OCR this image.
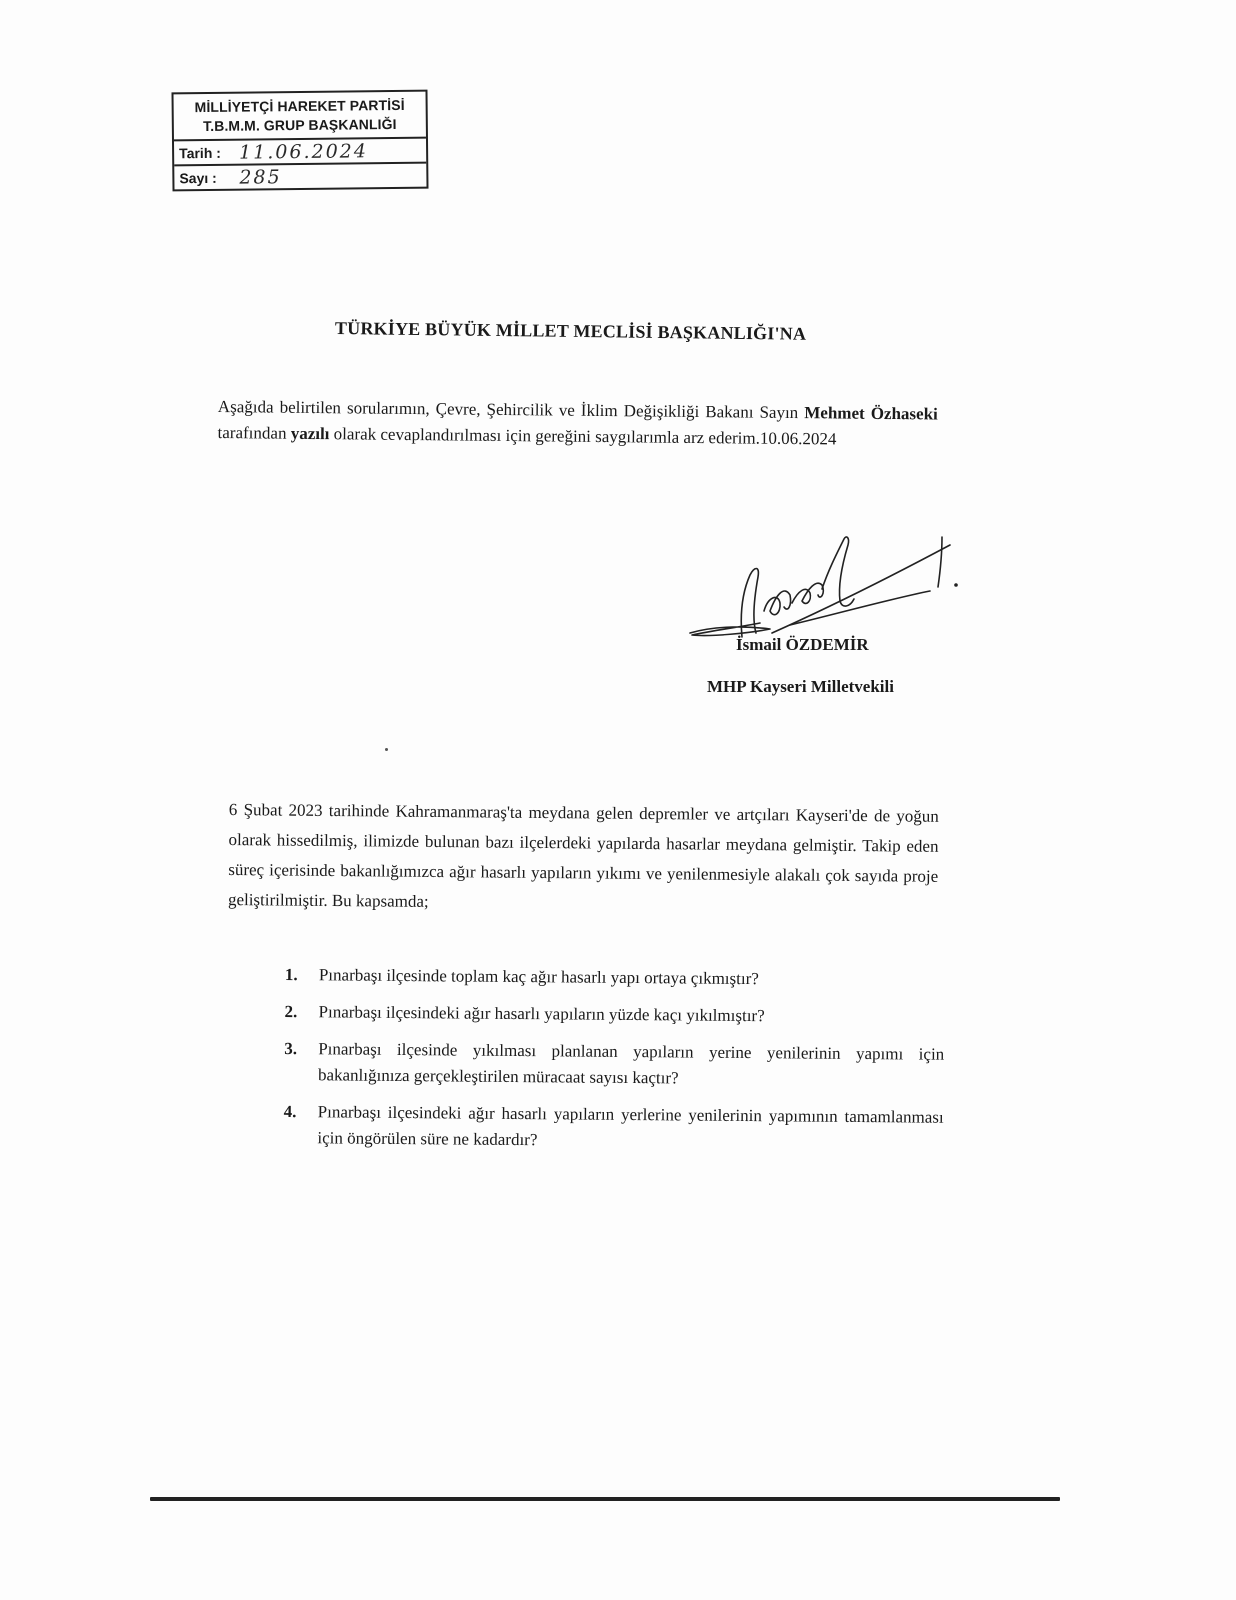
MİLLİYETÇİ HAREKET PARTİSİ
T.B.M.M. GRUP BAŞKANLIĞI
Tarih : 11.06.2024
Sayı :	285
TÜRKİYE BÜYÜK MİLLET MECLİSİ BAŞKANLIĞI'NA
Aşağıda belirtilen sorularımın, Çevre, Şehircilik ve İklim Değişikliği Bakanı Sayın Mehmet Özhaseki tarafından yazılı olarak cevaplandırılması için gereğini saygılarımla arz ederim.10.06.2024
İsmail ÖZDEMİR
MHP Kayseri Milletvekili
6 Şubat 2023 tarihinde Kahramanmaraş'ta meydana gelen depremler ve artçıları Kayseri'de de yoğun olarak hissedilmiş, ilimizde bulunan bazı ilçelerdeki yapılarda hasarlar meydana gelmiştir. Takip eden süreç içerisinde bakanlığımızca ağır hasarlı yapıların yıkımı ve yenilenmesiyle alakalı çok sayıda proje geliştirilmiştir. Bu kapsamda;
1.	Pınarbaşı ilçesinde toplam kaç ağır hasarlı yapı ortaya çıkmıştır?
2.	Pınarbaşı ilçesindeki ağır hasarlı yapıların yüzde kaçı yıkılmıştır?
3.	Pınarbaşı ilçesinde yıkılması planlanan yapıların yerine yenilerinin yapımı için bakanlığınıza gerçekleştirilen müracaat sayısı kaçtır?
4.	Pınarbaşı ilçesindeki ağır hasarlı yapıların yerlerine yenilerinin yapımının tamamlanması için öngörülen süre ne kadardır?
